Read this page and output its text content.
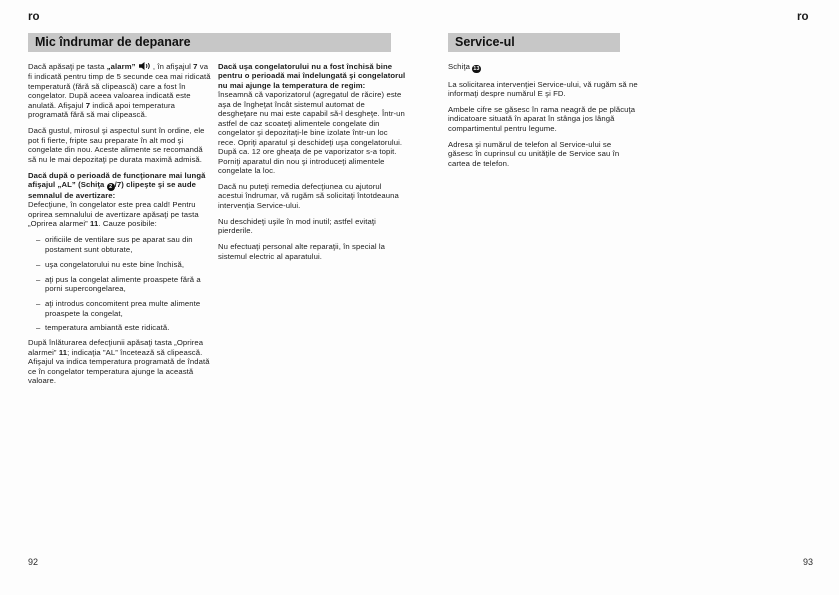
ro	ro
Mic îndrumar de depanare	Service-ul
Dacă apăsaţi pe tasta „alarm” , în afişajul 7 va fi indicată pentru timp de 5 secunde cea mai ridicată temperatură (fără să clipească) care a fost în congelator. După aceea valoarea indicată este anulată. Afişajul 7 indică apoi temperatura programată fără să mai clipească.
Dacă gustul, mirosul şi aspectul sunt în ordine, ele pot fi fierte, fripte sau preparate în alt mod şi congelate din nou. Aceste alimente se recomandă să nu le mai depozitaţi pe durata maximă admisă.
Dacă după o perioadă de funcţionare mai lungă afişajul „AL” (Schiţa 2 /7) clipeşte şi se aude semnalul de avertizare:
Defecţiune, în congelator este prea cald! Pentru oprirea semnalului de avertizare apăsaţi pe tasta „Oprirea alarmei” 11. Cauze posibile:
– orificiile de ventilare sus pe aparat sau din postament sunt obturate,
– uşa congelatorului nu este bine închisă,
– aţi pus la congelat alimente proaspete fără a porni supercongelarea,
– aţi introdus concomitent prea multe alimente proaspete la congelat,
– temperatura ambiantă este ridicată.
După înlăturarea defecţiunii apăsaţi tasta „Oprirea alarmei” 11; indicaţia ”AL” încetează să clipească. Afişajul va indica temperatura programată de îndată ce în congelator temperatura ajunge la această valoare.
Dacă uşa congelatorului nu a fost închisă bine pentru o perioadă mai îndelungată şi congelatorul nu mai ajunge la temperatura de regim:
înseamnă că vaporizatorul (agregatul de răcire) este aşa de îngheţat încât sistemul automat de desgheţare nu mai este capabil să-l desgheţe. Într-un astfel de caz scoateţi alimentele congelate din congelator şi depozitaţi-le bine izolate într-un loc rece. Opriţi aparatul şi deschideţi uşa congelatorului. După ca. 12 ore gheaţa de pe vaporizator s-a topit. Porniţi aparatul din nou şi introduceţi alimentele congelate la loc.
Dacă nu puteţi remedia defecţiunea cu ajutorul acestui îndrumar, vă rugăm să solicitaţi întotdeauna intervenţia Service-ului.
Nu deschideţi uşile în mod inutil; astfel evitaţi pierderile.
Nu efectuaţi personal alte reparaţii, în special la sistemul electric al aparatului.
Schiţa 13
La solicitarea intervenţiei Service-ului, vă rugăm să ne informaţi despre numărul E şi FD.
Ambele cifre se găsesc în rama neagră de pe plăcuţa indicatoare situată în aparat în stânga jos lângă compartimentul pentru legume.
Adresa şi numărul de telefon al Service-ului se găsesc în cuprinsul cu unităţile de Service sau în cartea de telefon.
92	93
